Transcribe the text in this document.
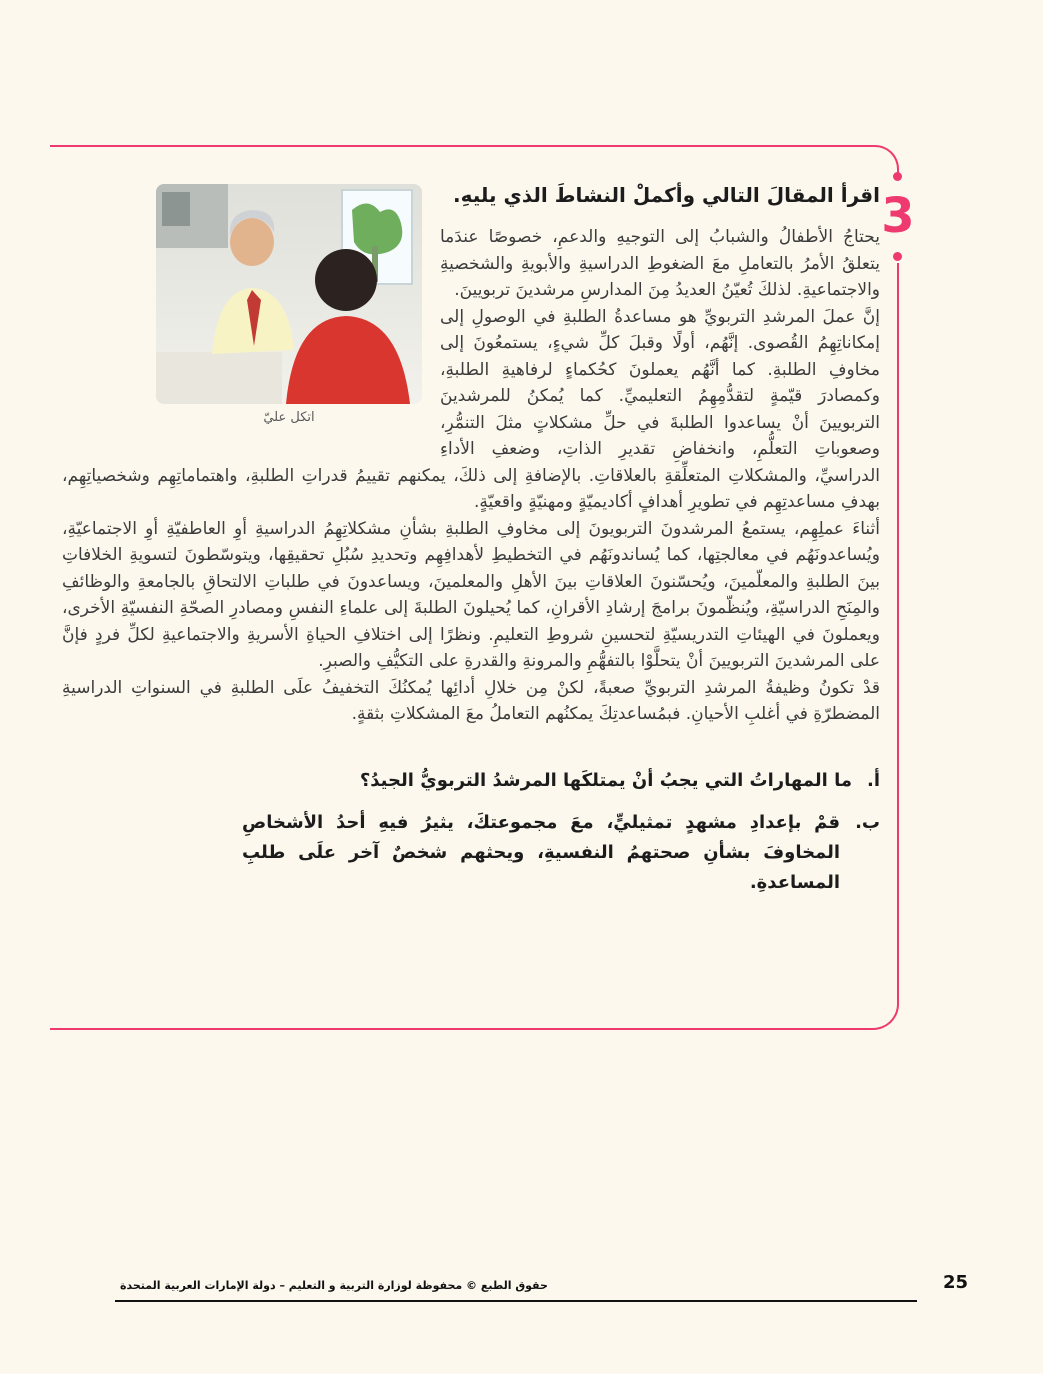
3
اتكل عليّ
اقرأ المقالَ التالي وأكملْ النشاطَ الذي يليهِ.

يحتاجُ الأطفالُ والشبابُ إلى التوجيهِ والدعمِ، خصوصًا عندَما يتعلقُ الأمرُ بالتعاملِ معَ الضغوطِ الدراسيةِ والأبويةِ والشخصيةِ والاجتماعيةِ. لذلكَ تُعيّنُ العديدُ مِنَ المدارسِ مرشدينَ تربويينَ.

إنَّ عملَ المرشدِ التربويِّ هو مساعدةُ الطلبةِ في الوصولِ إلى إمكاناتِهِمُ القُصوى. إنَّهُم، أولًا وقبلَ كلِّ شيءٍ، يستمعُونَ إلى مخاوفِ الطلبةِ. كما أنَّهُم يعملونَ كحُكماءٍ لرفاهيةِ الطلبةِ، وكمصادرَ قيّمةٍ لتقدُّمِهِمُ التعليميِّ. كما يُمكنُ للمرشدينَ التربويينَ أنْ يساعدوا الطلبةَ في حلِّ مشكلاتٍ مثلَ التنمُّرِ، وصعوباتِ التعلُّمِ، وانخفاضِ تقديرِ الذاتِ، وضعفِ الأداءِ الدراسيِّ، والمشكلاتِ المتعلِّقةِ بالعلاقاتِ. بالإضافةِ إلى ذلكَ، يمكنهم تقييمُ قدراتِ الطلبةِ، واهتماماتِهِم وشخصياتِهِم، بهدفِ مساعدتِهِم في تطويرِ أهدافٍ أكاديميّةٍ ومهنيّةٍ واقعيّةٍ.

أثناءَ عملِهِم، يستمعُ المرشدونَ التربويونَ إلى مخاوفِ الطلبةِ بشأنِ مشكلاتِهِمُ الدراسيةِ أوِ العاطفيّةِ أوِ الاجتماعيّةِ، ويُساعدونَهُم في معالجتِها، كما يُساندونَهُم في التخطيطِ لأهدافِهِم وتحديدِ سُبُلِ تحقيقِها، ويتوسّطونَ لتسويةِ الخلافاتِ بينَ الطلبةِ والمعلّمينَ، ويُحسّنونَ العلاقاتِ بينَ الأهلِ والمعلمينَ، ويساعدونَ في طلباتِ الالتحاقِ بالجامعةِ والوظائفِ والمِنَحِ الدراسيّةِ، ويُنظّمونَ برامجَ إرشادِ الأقرانِ، كما يُحيلونَ الطلبةَ إلى علماءِ النفسِ ومصادرِ الصحّةِ النفسيّةِ الأخرى، ويعملونَ في الهيئاتِ التدريسيّةِ لتحسينِ شروطِ التعليمِ. ونظرًا إلى اختلافِ الحياةِ الأسريةِ والاجتماعيةِ لكلِّ فردٍ فإنَّ على المرشدينَ التربويينَ أنْ يتحلَّوْا بالتفهُّمِ والمرونةِ والقدرةِ على التكيُّفِ والصبرِ.

قدْ تكونُ وظيفةُ المرشدِ التربويِّ صعبةً، لكنْ مِن خلالِ أدائِها يُمكنُكَ التخفيفُ علَى الطلبةِ في السنواتِ الدراسيةِ المضطرّةِ في أغلبِ الأحيانِ. فبمُساعدتِكَ يمكنُهم التعاملُ معَ المشكلاتِ بثقةٍ.

أ.
ما المهاراتُ التي يجبُ أنْ يمتلكَها المرشدُ التربويُّ الجيدُ؟
ب.
قمْ بإعدادِ مشهدٍ تمثيليٍّ، معَ مجموعتكَ، يثيرُ فيهِ أحدُ الأشخاصِ المخاوفَ بشأنِ صحتهمُ النفسيةِ، ويحثهم شخصٌ آخر علَى طلبِ المساعدةِ.
حقوق الطبع © محفوظة لوزارة التربية و التعليم – دولة الإمارات العربية المتحدة	25
